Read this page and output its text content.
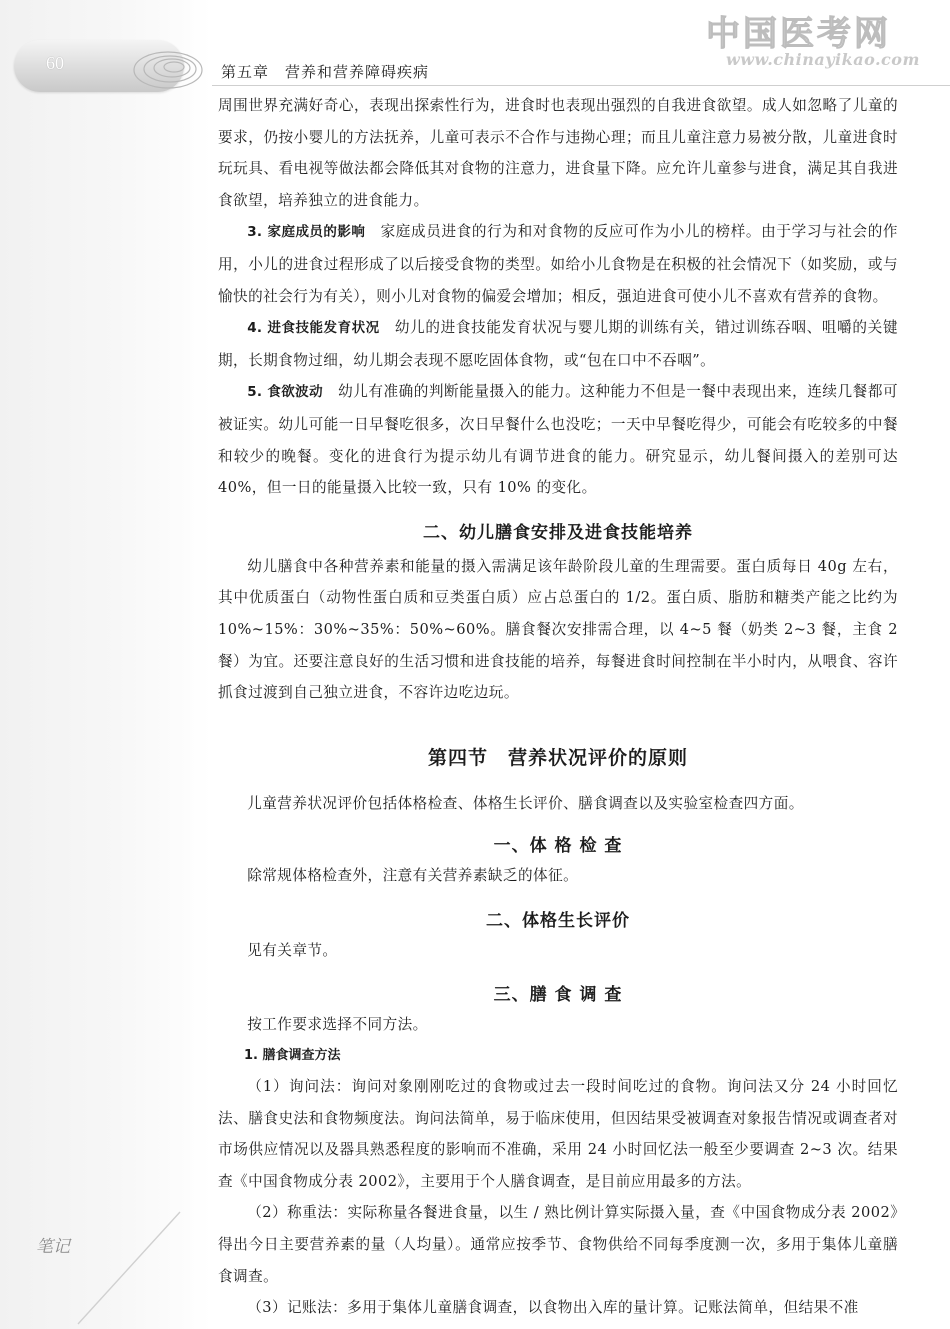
60	第五章　营养和营养障碍疾病
中国医考网
www.chinayikao.com

周围世界充满好奇心，表现出探索性行为，进食时也表现出强烈的自我进食欲望。成人如忽略了儿童的要求，仍按小婴儿的方法抚养，儿童可表示不合作与违拗心理；而且儿童注意力易被分散，儿童进食时玩玩具、看电视等做法都会降低其对食物的注意力，进食量下降。应允许儿童参与进食，满足其自我进食欲望，培养独立的进食能力。

3. 家庭成员的影响　家庭成员进食的行为和对食物的反应可作为小儿的榜样。由于学习与社会的作用，小儿的进食过程形成了以后接受食物的类型。如给小儿食物是在积极的社会情况下（如奖励，或与愉快的社会行为有关），则小儿对食物的偏爱会增加；相反，强迫进食可使小儿不喜欢有营养的食物。

4. 进食技能发育状况　幼儿的进食技能发育状况与婴儿期的训练有关，错过训练吞咽、咀嚼的关键期，长期食物过细，幼儿期会表现不愿吃固体食物，或“包在口中不吞咽”。

5. 食欲波动　幼儿有准确的判断能量摄入的能力。这种能力不但是一餐中表现出来，连续几餐都可被证实。幼儿可能一日早餐吃很多，次日早餐什么也没吃；一天中早餐吃得少，可能会有吃较多的中餐和较少的晚餐。变化的进食行为提示幼儿有调节进食的能力。研究显示，幼儿餐间摄入的差别可达 40%，但一日的能量摄入比较一致，只有 10% 的变化。

二、幼儿膳食安排及进食技能培养

幼儿膳食中各种营养素和能量的摄入需满足该年龄阶段儿童的生理需要。蛋白质每日 40g 左右，其中优质蛋白（动物性蛋白质和豆类蛋白质）应占总蛋白的 1/2。蛋白质、脂肪和糖类产能之比约为 10%~15%：30%~35%：50%~60%。膳食餐次安排需合理，以 4~5 餐（奶类 2~3 餐，主食 2 餐）为宜。还要注意良好的生活习惯和进食技能的培养，每餐进食时间控制在半小时内，从喂食、容许抓食过渡到自己独立进食，不容许边吃边玩。

第四节　营养状况评价的原则

儿童营养状况评价包括体格检查、体格生长评价、膳食调查以及实验室检查四方面。

一、体 格 检 查

除常规体格检查外，注意有关营养素缺乏的体征。

二、体格生长评价

见有关章节。

三、膳 食 调 查

按工作要求选择不同方法。

1. 膳食调查方法

（1）询问法：询问对象刚刚吃过的食物或过去一段时间吃过的食物。询问法又分 24 小时回忆法、膳食史法和食物频度法。询问法简单，易于临床使用，但因结果受被调查对象报告情况或调查者对市场供应情况以及器具熟悉程度的影响而不准确，采用 24 小时回忆法一般至少要调查 2~3 次。结果查《中国食物成分表 2002》，主要用于个人膳食调查，是目前应用最多的方法。

（2）称重法：实际称量各餐进食量，以生 / 熟比例计算实际摄入量，查《中国食物成分表 2002》得出今日主要营养素的量（人均量）。通常应按季节、食物供给不同每季度测一次，多用于集体儿童膳食调查。

（3）记账法：多用于集体儿童膳食调查，以食物出入库的量计算。记账法简单，但结果不准

笔记
